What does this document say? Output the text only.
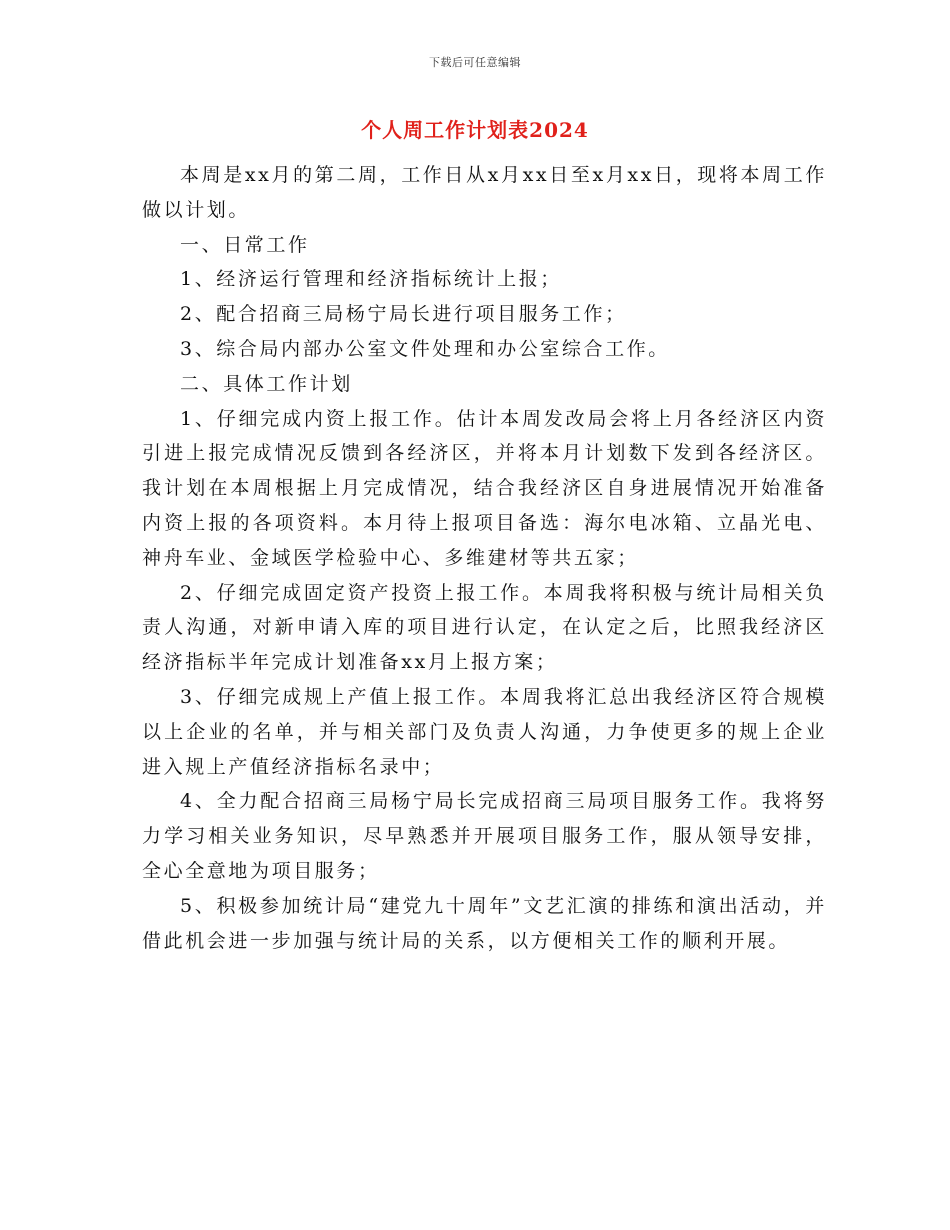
下载后可任意编辑
个人周工作计划表2024

本周是xx月的第二周，工作日从x月xx日至x月xx日，现将本周工作做以计划。

一、日常工作

1、经济运行管理和经济指标统计上报；

2、配合招商三局杨宁局长进行项目服务工作；

3、综合局内部办公室文件处理和办公室综合工作。

二、具体工作计划

1、仔细完成内资上报工作。估计本周发改局会将上月各经济区内资引进上报完成情况反馈到各经济区，并将本月计划数下发到各经济区。我计划在本周根据上月完成情况，结合我经济区自身进展情况开始准备内资上报的各项资料。本月待上报项目备选：海尔电冰箱、立晶光电、神舟车业、金域医学检验中心、多维建材等共五家；

2、仔细完成固定资产投资上报工作。本周我将积极与统计局相关负责人沟通，对新申请入库的项目进行认定，在认定之后，比照我经济区经济指标半年完成计划准备xx月上报方案；

3、仔细完成规上产值上报工作。本周我将汇总出我经济区符合规模以上企业的名单，并与相关部门及负责人沟通，力争使更多的规上企业进入规上产值经济指标名录中；

4、全力配合招商三局杨宁局长完成招商三局项目服务工作。我将努力学习相关业务知识，尽早熟悉并开展项目服务工作，服从领导安排，全心全意地为项目服务；

5、积极参加统计局“建党九十周年”文艺汇演的排练和演出活动，并借此机会进一步加强与统计局的关系，以方便相关工作的顺利开展。
